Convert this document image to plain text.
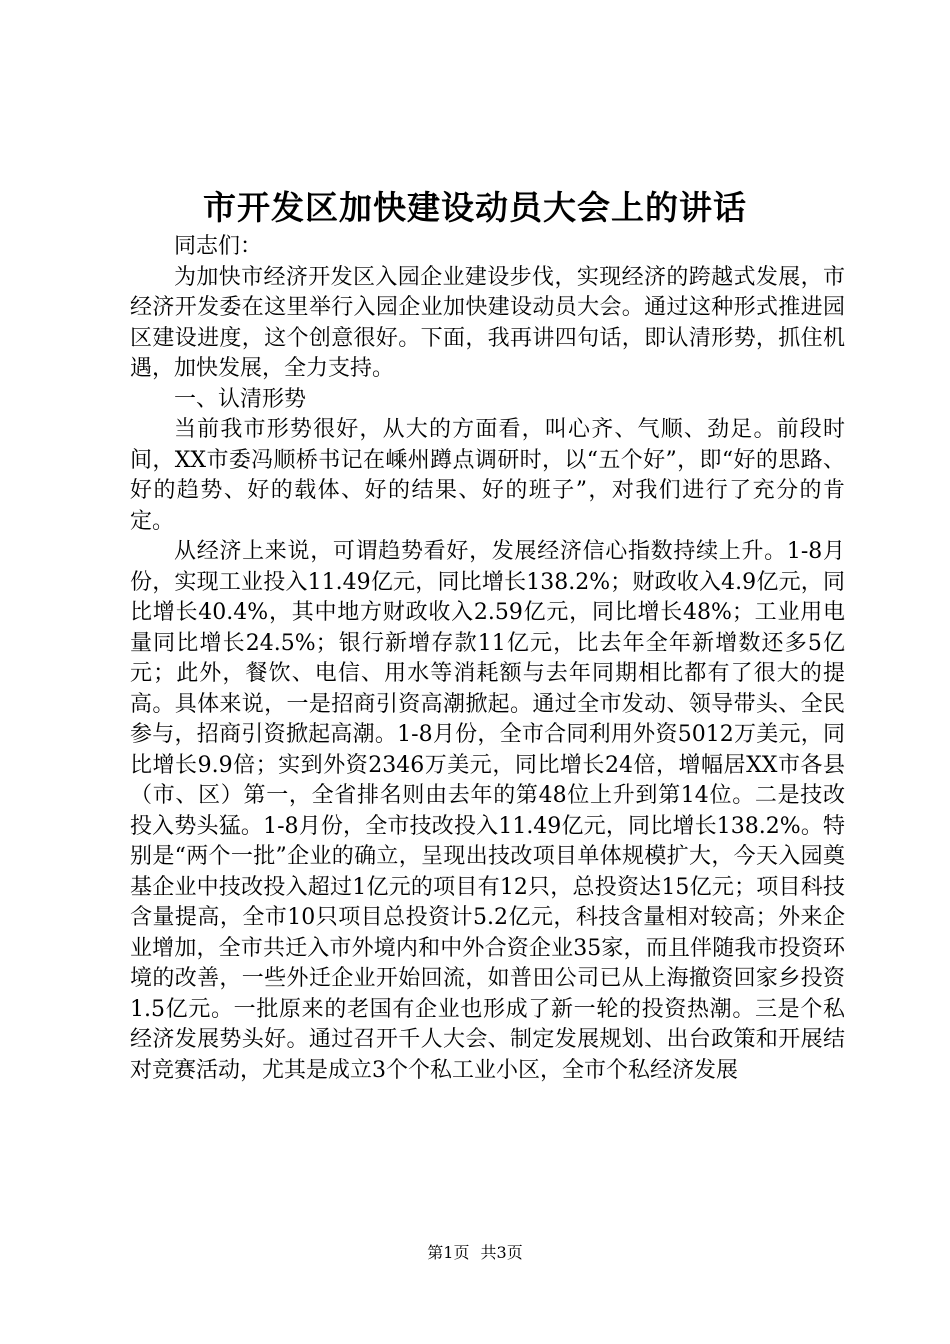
市开发区加快建设动员大会上的讲话

同志们：

为加快市经济开发区入园企业建设步伐，实现经济的跨越式发展，市经济开发委在这里举行入园企业加快建设动员大会。通过这种形式推进园区建设进度，这个创意很好。下面，我再讲四句话，即认清形势，抓住机遇，加快发展，全力支持。

一、认清形势

当前我市形势很好，从大的方面看，叫心齐、气顺、劲足。前段时间，XX市委冯顺桥书记在嵊州蹲点调研时，以“五个好”，即“好的思路、好的趋势、好的载体、好的结果、好的班子”，对我们进行了充分的肯定。

从经济上来说，可谓趋势看好，发展经济信心指数持续上升。1-8月份，实现工业投入11.49亿元，同比增长138.2%；财政收入4.9亿元，同比增长40.4%，其中地方财政收入2.59亿元，同比增长48%；工业用电量同比增长24.5%；银行新增存款11亿元，比去年全年新增数还多5亿元；此外，餐饮、电信、用水等消耗额与去年同期相比都有了很大的提高。具体来说，一是招商引资高潮掀起。通过全市发动、领导带头、全民参与，招商引资掀起高潮。1-8月份，全市合同利用外资5012万美元，同比增长9.9倍；实到外资2346万美元，同比增长24倍，增幅居XX市各县（市、区）第一，全省排名则由去年的第48位上升到第14位。二是技改投入势头猛。1-8月份，全市技改投入11.49亿元，同比增长138.2%。特别是“两个一批”企业的确立，呈现出技改项目单体规模扩大，今天入园奠基企业中技改投入超过1亿元的项目有12只，总投资达15亿元；项目科技含量提高，全市10只项目总投资计5.2亿元，科技含量相对较高；外来企业增加，全市共迁入市外境内和中外合资企业35家，而且伴随我市投资环境的改善，一些外迁企业开始回流，如普田公司已从上海撤资回家乡投资1.5亿元。一批原来的老国有企业也形成了新一轮的投资热潮。三是个私经济发展势头好。通过召开千人大会、制定发展规划、出台政策和开展结对竞赛活动，尤其是成立3个个私工业小区，全市个私经济发展

第1页 共3页
